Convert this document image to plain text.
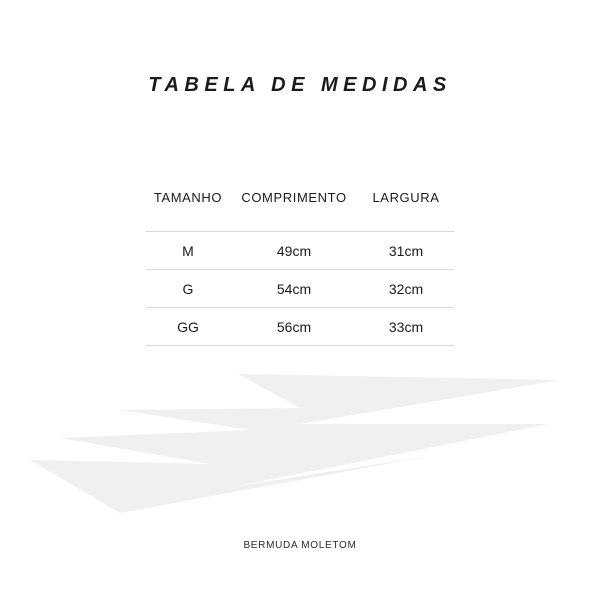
TABELA DE MEDIDAS
TAMANHO	COMPRIMENTO	LARGURA
M	49cm	31cm
G	54cm	32cm
GG	56cm	33cm
BERMUDA MOLETOM
